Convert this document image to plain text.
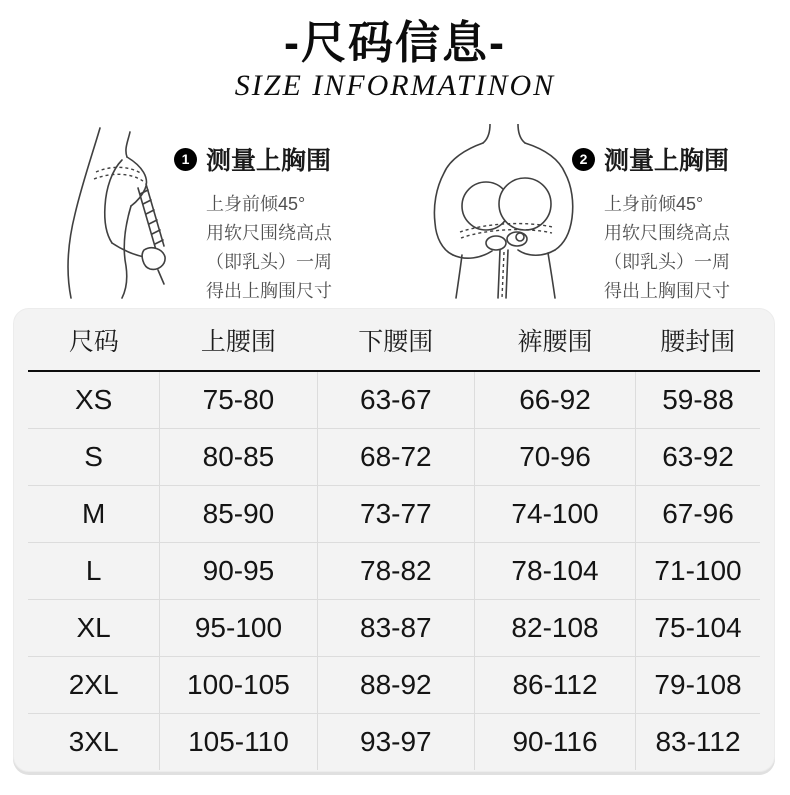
-尺码信息-
SIZE INFORMATINON
1 测量上胸围

上身前倾45°

用软尺围绕高点

（即乳头）一周

得出上胸围尺寸

2 测量上胸围

上身前倾45°

用软尺围绕高点

（即乳头）一周

得出上胸围尺寸

尺码	上腰围	下腰围	裤腰围	腰封围
XS	75-80	63-67	66-92	59-88
S	80-85	68-72	70-96	63-92
M	85-90	73-77	74-100	67-96
L	90-95	78-82	78-104	71-100
XL	95-100	83-87	82-108	75-104
2XL	100-105	88-92	86-112	79-108
3XL	105-110	93-97	90-116	83-112
